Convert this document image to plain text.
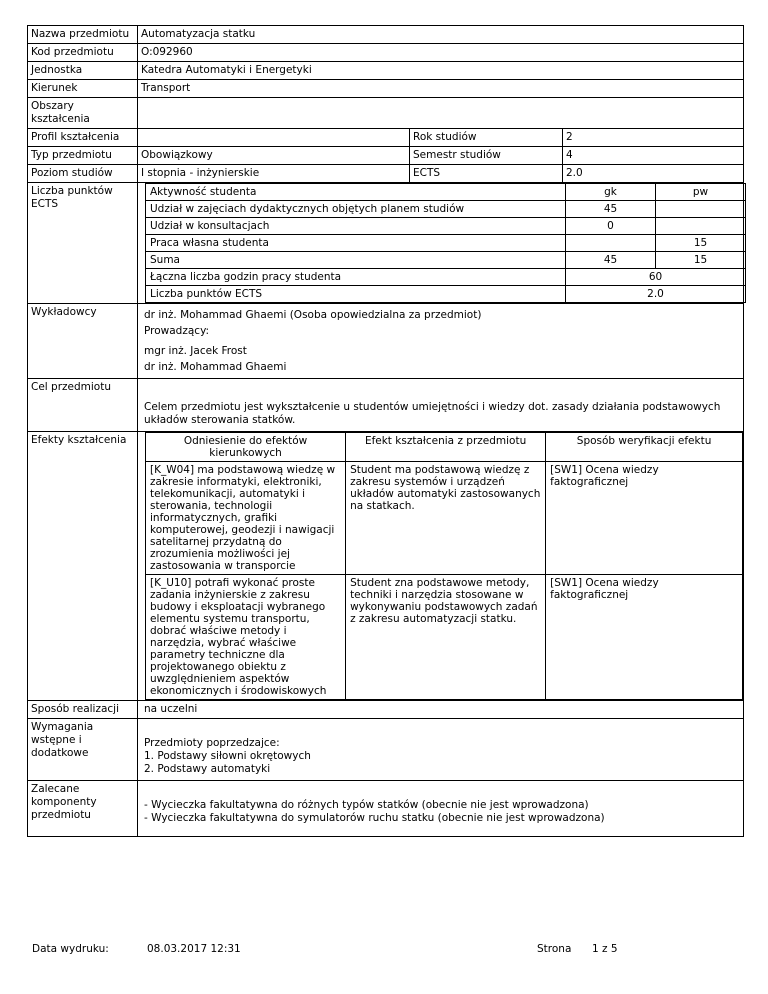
Nazwa przedmiotu	Automatyzacja statku
Kod przedmiotu	O:092960
Jednostka	Katedra Automatyki i Energetyki
Kierunek	Transport
Obszary kształcenia	
Profil kształcenia		Rok studiów	2
Typ przedmiotu	Obowiązkowy	Semestr studiów	4
Poziom studiów	I stopnia - inżynierskie	ECTS	2.0
Liczba punktów ECTS	
Aktywność studenta	gk	pw
Udział w zajęciach dydaktycznych objętych planem studiów	45	
Udział w konsultacjach	0	
Praca własna studenta		15
Suma	45	15
Łączna liczba godzin pracy studenta	60
Liczba punktów ECTS	2.0

Wykładowcy	dr inż. Mohammad Ghaemi (Osoba opowiedzialna za przedmiot)
Prowadzący:
mgr inż. Jacek Frost
dr inż. Mohammad Ghaemi

Cel przedmiotu	Celem przedmiotu jest wykształcenie u studentów umiejętności i wiedzy dot. zasady działania podstawowych układów sterowania statków.
Efekty kształcenia		Odniesienie do efektów kierunkowych	Efekt kształcenia z przedmiotu	Sposób weryfikacji efektu
[K_W04] ma podstawową wiedzę w zakresie informatyki, elektroniki, telekomunikacji, automatyki i sterowania, technologii informatycznych, grafiki komputerowej, geodezji i nawigacji satelitarnej przydatną do zrozumienia możliwości jej zastosowania w transporcie	Student ma podstawową wiedzę z zakresu systemów i urządzeń układów automatyki zastosowanych na statkach.	[SW1] Ocena wiedzy faktograficznej
[K_U10] potrafi wykonać proste zadania inżynierskie z zakresu budowy i eksploatacji wybranego elementu systemu transportu, dobrać właściwe metody i narzędzia, wybrać właściwe parametry techniczne dla projektowanego obiektu z uwzględnieniem aspektów ekonomicznych i środowiskowych	Student zna podstawowe metody, techniki i narzędzia stosowane w wykonywaniu podstawowych zadań z zakresu automatyzacji statku.	[SW1] Ocena wiedzy faktograficznej

Sposób realizacji	na uczelni
Wymagania wstępne i dodatkowe	
Przedmioty poprzedzajce:
1. Podstawy siłowni okrętowych
2. Podstawy automatyki

Zalecane komponenty przedmiotu	
- Wycieczka fakultatywna do różnych typów statków (obecnie nie jest wprowadzona)
- Wycieczka fakultatywna do symulatorów ruchu statku (obecnie nie jest wprowadzona)
Data wydruku:	08.03.2017 12:31	Strona 1 z 5
